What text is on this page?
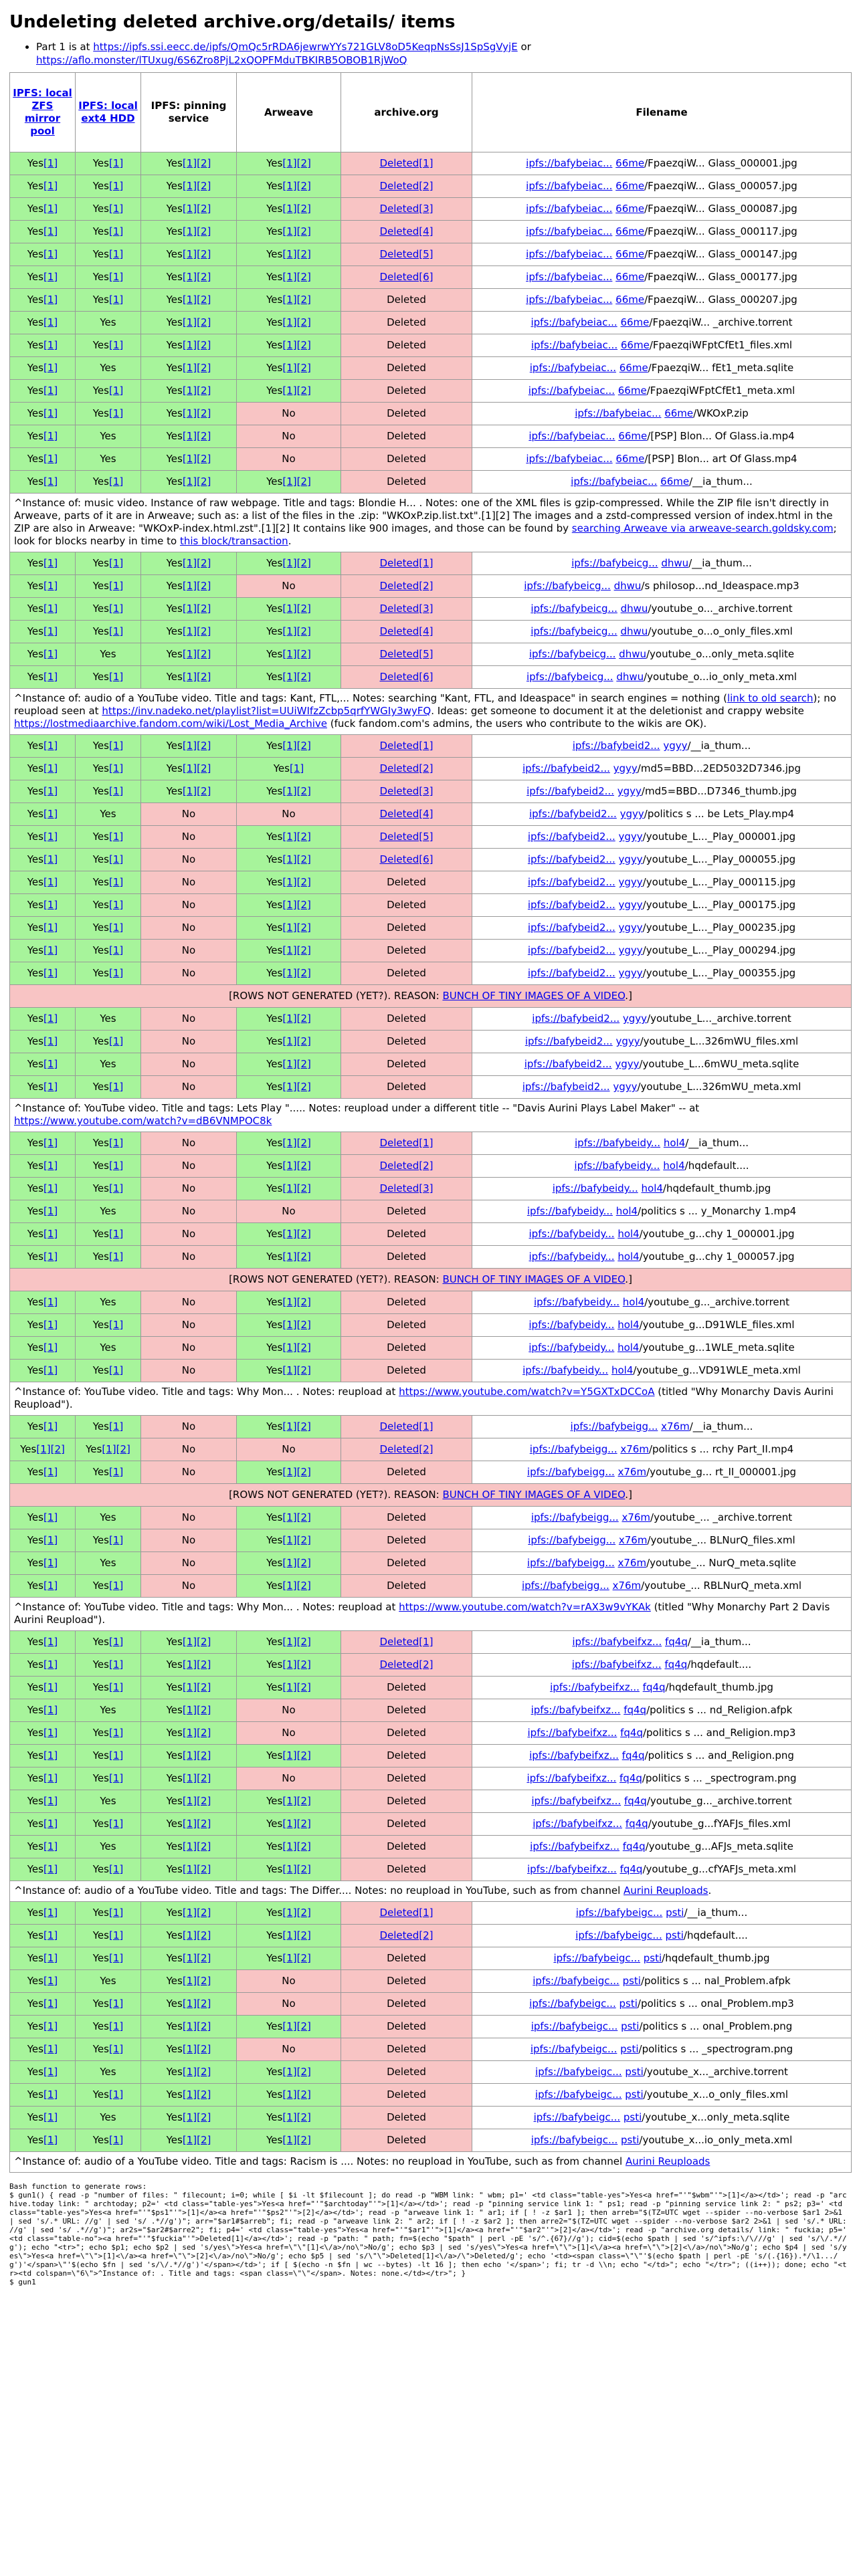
Undeleting deleted archive.org/details/ items
• Part 1 is at https://ipfs.ssi.eecc.de/ipfs/QmQc5rRDA6jewrwYYs721GLV8oD5KeqpNsSsJ1SpSgVyjE or
https://aflo.monster/lTUxug/6S6Zro8PjL2xQOPFMduTBKIRB5OBOB1RjWoQ
IPFS: local ZFS mirror pool	IPFS: local ext4 HDD	IPFS: pinning service	Arweave	archive.org	Filename
Yes[1]	Yes[1]	Yes[1][2]	Yes[1][2]	Deleted[1]	ipfs://bafybeiac... 66me/FpaezqiW... Glass_000001.jpg
Yes[1]	Yes[1]	Yes[1][2]	Yes[1][2]	Deleted[2]	ipfs://bafybeiac... 66me/FpaezqiW... Glass_000057.jpg
Yes[1]	Yes[1]	Yes[1][2]	Yes[1][2]	Deleted[3]	ipfs://bafybeiac... 66me/FpaezqiW... Glass_000087.jpg
Yes[1]	Yes[1]	Yes[1][2]	Yes[1][2]	Deleted[4]	ipfs://bafybeiac... 66me/FpaezqiW... Glass_000117.jpg
Yes[1]	Yes[1]	Yes[1][2]	Yes[1][2]	Deleted[5]	ipfs://bafybeiac... 66me/FpaezqiW... Glass_000147.jpg
Yes[1]	Yes[1]	Yes[1][2]	Yes[1][2]	Deleted[6]	ipfs://bafybeiac... 66me/FpaezqiW... Glass_000177.jpg
Yes[1]	Yes[1]	Yes[1][2]	Yes[1][2]	Deleted	ipfs://bafybeiac... 66me/FpaezqiW... Glass_000207.jpg
Yes[1]	Yes	Yes[1][2]	Yes[1][2]	Deleted	ipfs://bafybeiac... 66me/FpaezqiW... _archive.torrent
Yes[1]	Yes[1]	Yes[1][2]	Yes[1][2]	Deleted	ipfs://bafybeiac... 66me/FpaezqiWFptCfEt1_files.xml
Yes[1]	Yes	Yes[1][2]	Yes[1][2]	Deleted	ipfs://bafybeiac... 66me/FpaezqiW... fEt1_meta.sqlite
Yes[1]	Yes[1]	Yes[1][2]	Yes[1][2]	Deleted	ipfs://bafybeiac... 66me/FpaezqiWFptCfEt1_meta.xml
Yes[1]	Yes[1]	Yes[1][2]	No	Deleted	ipfs://bafybeiac... 66me/WKOxP.zip
Yes[1]	Yes	Yes[1][2]	No	Deleted	ipfs://bafybeiac... 66me/[PSP] Blon... Of Glass.ia.mp4
Yes[1]	Yes	Yes[1][2]	No	Deleted	ipfs://bafybeiac... 66me/[PSP] Blon... art Of Glass.mp4
Yes[1]	Yes[1]	Yes[1][2]	Yes[1][2]	Deleted	ipfs://bafybeiac... 66me/__ia_thum...
^Instance of: music video. Instance of raw webpage. Title and tags: Blondie H... . Notes: one of the XML files is gzip-compressed. While the ZIP file isn't directly in Arweave, parts of it are in Arweave; such as: a list of the files in the .zip: "WKOxP.zip.list.txt".[1][2] The images and a zstd-compressed version of index.html in the ZIP are also in Arweave: "WKOxP-index.html.zst".[1][2] It contains like 900 images, and those can be found by searching Arweave via arweave-search.goldsky.com; look for blocks nearby in time to this block/transaction.					
Yes[1]	Yes[1]	Yes[1][2]	Yes[1][2]	Deleted[1]	ipfs://bafybeicg... dhwu/__ia_thum...
Yes[1]	Yes[1]	Yes[1][2]	No	Deleted[2]	ipfs://bafybeicg... dhwu/s philosop...nd_Ideaspace.mp3
Yes[1]	Yes[1]	Yes[1][2]	Yes[1][2]	Deleted[3]	ipfs://bafybeicg... dhwu/youtube_o..._archive.torrent
Yes[1]	Yes[1]	Yes[1][2]	Yes[1][2]	Deleted[4]	ipfs://bafybeicg... dhwu/youtube_o...o_only_files.xml
Yes[1]	Yes	Yes[1][2]	Yes[1][2]	Deleted[5]	ipfs://bafybeicg... dhwu/youtube_o...only_meta.sqlite
Yes[1]	Yes[1]	Yes[1][2]	Yes[1][2]	Deleted[6]	ipfs://bafybeicg... dhwu/youtube_o...io_only_meta.xml
^Instance of: audio of a YouTube video. Title and tags: Kant, FTL,... Notes: searching "Kant, FTL, and Ideaspace" in search engines = nothing (link to old search); no reupload seen at https://inv.nadeko.net/playlist?list=UUiWIfzZcbp5qrfYWGIy3wyFQ. Ideas: get someone to document it at the deletionist and crappy website https://lostmediaarchive.fandom.com/wiki/Lost_Media_Archive (fuck fandom.com's admins, the users who contribute to the wikis are OK).					
Yes[1]	Yes[1]	Yes[1][2]	Yes[1][2]	Deleted[1]	ipfs://bafybeid2... ygyy/__ia_thum...
Yes[1]	Yes[1]	Yes[1][2]	Yes[1]	Deleted[2]	ipfs://bafybeid2... ygyy/md5=BBD...2ED5032D7346.jpg
Yes[1]	Yes[1]	Yes[1][2]	Yes[1][2]	Deleted[3]	ipfs://bafybeid2... ygyy/md5=BBD...D7346_thumb.jpg
Yes[1]	Yes	No	No	Deleted[4]	ipfs://bafybeid2... ygyy/politics s ... be Lets_Play.mp4
Yes[1]	Yes[1]	No	Yes[1][2]	Deleted[5]	ipfs://bafybeid2... ygyy/youtube_L..._Play_000001.jpg
Yes[1]	Yes[1]	No	Yes[1][2]	Deleted[6]	ipfs://bafybeid2... ygyy/youtube_L..._Play_000055.jpg
Yes[1]	Yes[1]	No	Yes[1][2]	Deleted	ipfs://bafybeid2... ygyy/youtube_L..._Play_000115.jpg
Yes[1]	Yes[1]	No	Yes[1][2]	Deleted	ipfs://bafybeid2... ygyy/youtube_L..._Play_000175.jpg
Yes[1]	Yes[1]	No	Yes[1][2]	Deleted	ipfs://bafybeid2... ygyy/youtube_L..._Play_000235.jpg
Yes[1]	Yes[1]	No	Yes[1][2]	Deleted	ipfs://bafybeid2... ygyy/youtube_L..._Play_000294.jpg
Yes[1]	Yes[1]	No	Yes[1][2]	Deleted	ipfs://bafybeid2... ygyy/youtube_L..._Play_000355.jpg
[ROWS NOT GENERATED (YET?). REASON: BUNCH OF TINY IMAGES OF A VIDEO.]					
Yes[1]	Yes	No	Yes[1][2]	Deleted	ipfs://bafybeid2... ygyy/youtube_L..._archive.torrent
Yes[1]	Yes[1]	No	Yes[1][2]	Deleted	ipfs://bafybeid2... ygyy/youtube_L...326mWU_files.xml
Yes[1]	Yes	No	Yes[1][2]	Deleted	ipfs://bafybeid2... ygyy/youtube_L...6mWU_meta.sqlite
Yes[1]	Yes[1]	No	Yes[1][2]	Deleted	ipfs://bafybeid2... ygyy/youtube_L...326mWU_meta.xml
^Instance of: YouTube video. Title and tags: Lets Play "..... Notes: reupload under a different title -- "Davis Aurini Plays Label Maker" -- at https://www.youtube.com/watch?v=dB6VNMPOC8k					
Yes[1]	Yes[1]	No	Yes[1][2]	Deleted[1]	ipfs://bafybeidy... hol4/__ia_thum...
Yes[1]	Yes[1]	No	Yes[1][2]	Deleted[2]	ipfs://bafybeidy... hol4/hqdefault....
Yes[1]	Yes[1]	No	Yes[1][2]	Deleted[3]	ipfs://bafybeidy... hol4/hqdefault_thumb.jpg
Yes[1]	Yes	No	No	Deleted	ipfs://bafybeidy... hol4/politics s ... y_Monarchy 1.mp4
Yes[1]	Yes[1]	No	Yes[1][2]	Deleted	ipfs://bafybeidy... hol4/youtube_g...chy 1_000001.jpg
Yes[1]	Yes[1]	No	Yes[1][2]	Deleted	ipfs://bafybeidy... hol4/youtube_g...chy 1_000057.jpg
[ROWS NOT GENERATED (YET?). REASON: BUNCH OF TINY IMAGES OF A VIDEO.]					
Yes[1]	Yes	No	Yes[1][2]	Deleted	ipfs://bafybeidy... hol4/youtube_g..._archive.torrent
Yes[1]	Yes[1]	No	Yes[1][2]	Deleted	ipfs://bafybeidy... hol4/youtube_g...D91WLE_files.xml
Yes[1]	Yes	No	Yes[1][2]	Deleted	ipfs://bafybeidy... hol4/youtube_g...1WLE_meta.sqlite
Yes[1]	Yes[1]	No	Yes[1][2]	Deleted	ipfs://bafybeidy... hol4/youtube_g...VD91WLE_meta.xml
^Instance of: YouTube video. Title and tags: Why Mon... . Notes: reupload at https://www.youtube.com/watch?v=Y5GXTxDCCoA (titled "Why Monarchy Davis Aurini Reupload").					
Yes[1]	Yes[1]	No	Yes[1][2]	Deleted[1]	ipfs://bafybeigg... x76m/__ia_thum...
Yes[1][2]	Yes[1][2]	No	No	Deleted[2]	ipfs://bafybeigg... x76m/politics s ... rchy Part_II.mp4
Yes[1]	Yes[1]	No	Yes[1][2]	Deleted	ipfs://bafybeigg... x76m/youtube_g... rt_II_000001.jpg
[ROWS NOT GENERATED (YET?). REASON: BUNCH OF TINY IMAGES OF A VIDEO.]					
Yes[1]	Yes	No	Yes[1][2]	Deleted	ipfs://bafybeigg... x76m/youtube_... _archive.torrent
Yes[1]	Yes[1]	No	Yes[1][2]	Deleted	ipfs://bafybeigg... x76m/youtube_... BLNurQ_files.xml
Yes[1]	Yes	No	Yes[1][2]	Deleted	ipfs://bafybeigg... x76m/youtube_... NurQ_meta.sqlite
Yes[1]	Yes[1]	No	Yes[1][2]	Deleted	ipfs://bafybeigg... x76m/youtube_... RBLNurQ_meta.xml
^Instance of: YouTube video. Title and tags: Why Mon... . Notes: reupload at https://www.youtube.com/watch?v=rAX3w9vYKAk (titled "Why Monarchy Part 2 Davis Aurini Reupload").					
Yes[1]	Yes[1]	Yes[1][2]	Yes[1][2]	Deleted[1]	ipfs://bafybeifxz... fq4q/__ia_thum...
Yes[1]	Yes[1]	Yes[1][2]	Yes[1][2]	Deleted[2]	ipfs://bafybeifxz... fq4q/hqdefault....
Yes[1]	Yes[1]	Yes[1][2]	Yes[1][2]	Deleted	ipfs://bafybeifxz... fq4q/hqdefault_thumb.jpg
Yes[1]	Yes	Yes[1][2]	No	Deleted	ipfs://bafybeifxz... fq4q/politics s ... nd_Religion.afpk
Yes[1]	Yes[1]	Yes[1][2]	No	Deleted	ipfs://bafybeifxz... fq4q/politics s ... and_Religion.mp3
Yes[1]	Yes[1]	Yes[1][2]	Yes[1][2]	Deleted	ipfs://bafybeifxz... fq4q/politics s ... and_Religion.png
Yes[1]	Yes[1]	Yes[1][2]	No	Deleted	ipfs://bafybeifxz... fq4q/politics s ... _spectrogram.png
Yes[1]	Yes	Yes[1][2]	Yes[1][2]	Deleted	ipfs://bafybeifxz... fq4q/youtube_g..._archive.torrent
Yes[1]	Yes[1]	Yes[1][2]	Yes[1][2]	Deleted	ipfs://bafybeifxz... fq4q/youtube_g...fYAFJs_files.xml
Yes[1]	Yes	Yes[1][2]	Yes[1][2]	Deleted	ipfs://bafybeifxz... fq4q/youtube_g...AFJs_meta.sqlite
Yes[1]	Yes[1]	Yes[1][2]	Yes[1][2]	Deleted	ipfs://bafybeifxz... fq4q/youtube_g...cfYAFJs_meta.xml
^Instance of: audio of a YouTube video. Title and tags: The Differ.... Notes: no reupload in YouTube, such as from channel Aurini Reuploads.					
Yes[1]	Yes[1]	Yes[1][2]	Yes[1][2]	Deleted[1]	ipfs://bafybeigc... psti/__ia_thum...
Yes[1]	Yes[1]	Yes[1][2]	Yes[1][2]	Deleted[2]	ipfs://bafybeigc... psti/hqdefault....
Yes[1]	Yes[1]	Yes[1][2]	Yes[1][2]	Deleted	ipfs://bafybeigc... psti/hqdefault_thumb.jpg
Yes[1]	Yes	Yes[1][2]	No	Deleted	ipfs://bafybeigc... psti/politics s ... nal_Problem.afpk
Yes[1]	Yes[1]	Yes[1][2]	No	Deleted	ipfs://bafybeigc... psti/politics s ... onal_Problem.mp3
Yes[1]	Yes[1]	Yes[1][2]	Yes[1][2]	Deleted	ipfs://bafybeigc... psti/politics s ... onal_Problem.png
Yes[1]	Yes[1]	Yes[1][2]	No	Deleted	ipfs://bafybeigc... psti/politics s ... _spectrogram.png
Yes[1]	Yes	Yes[1][2]	Yes[1][2]	Deleted	ipfs://bafybeigc... psti/youtube_x..._archive.torrent
Yes[1]	Yes[1]	Yes[1][2]	Yes[1][2]	Deleted	ipfs://bafybeigc... psti/youtube_x...o_only_files.xml
Yes[1]	Yes	Yes[1][2]	Yes[1][2]	Deleted	ipfs://bafybeigc... psti/youtube_x...only_meta.sqlite
Yes[1]	Yes[1]	Yes[1][2]	Yes[1][2]	Deleted	ipfs://bafybeigc... psti/youtube_x...io_only_meta.xml
^Instance of: audio of a YouTube video. Title and tags: Racism is .... Notes: no reupload in YouTube, such as from channel Aurini Reuploads					
Bash function to generate rows:
$ gun1() { read -p "number of files: " filecount; i=0; while [ $i -lt $filecount ]; do read -p "WBM link: " wbm; p1=' <td class="table-yes">Yes<a href="'"$wbm"'">[1]</a></td>'; read -p "archive.today link: " archtoday; p2=' <td class="table-yes">Yes<a href="'"$archtoday"'">[1]</a></td>'; read -p "pinning service link 1: " ps1; read -p "pinning service link 2: " ps2; p3=' <td class="table-yes">Yes<a href="'"$ps1"'">[1]</a><a href="'"$ps2"'">[2]</a></td>'; read -p "arweave link 1: " ar1; if [ ! -z $ar1 ]; then arreb="$(TZ=UTC wget --spider --no-verbose $ar1 2>&1 | sed 's/.* URL: //g' | sed 's/ .*//g')"; arr="$ar1#$arreb"; fi; read -p "arweave link 2: " ar2; if [ ! -z $ar2 ]; then arre2="$(TZ=UTC wget --spider --no-verbose $ar2 2>&1 | sed 's/.* URL: //g' | sed 's/ .*//g')"; ar2s="$ar2#$arre2"; fi; p4=' <td class="table-yes">Yes<a href="'"$ar1"'">[1]</a><a href="'"$ar2"'">[2]</a></td>'; read -p "archive.org details/ link: " fuckia; p5=' <td class="table-no"><a href="'"$fuckia"'">Deleted[1]</a></td>'; read -p "path: " path; fn=$(echo "$path" | perl -pE 's/^.{67}//g'); cid=$(echo $path | sed 's/^ipfs:\/\///g' | sed 's/\/.*//g'); echo "<tr>"; echo $p1; echo $p2 | sed 's/yes\">Yes<a href=\"\"[1]<\/a>/no\">No/g'; echo $p3 | sed 's/yes\">Yes<a href=\"\">[1]<\/a><a href=\"\">[2]<\/a>/no\">No/g'; echo $p4 | sed 's/yes\">Yes<a href=\"\">[1]<\/a><a href=\"\">[2]<\/a>/no\">No/g'; echo $p5 | sed 's/\"\">Deleted[1]<\/a>/\">Deleted/g'; echo '<td><span class=\"\"'$(echo $path | perl -pE 's/(.{16}).*/\1.../g')'</span>\"'$(echo $fn | sed 's/\/.*//g')'</span></td>'; if [ $(echo -n $fn | wc --bytes) -lt 16 ]; then echo '</span>'; fi; tr -d \\n; echo "</td>"; echo "</tr>"; ((i++)); done; echo "<tr><td colspan=\"6\">^Instance of: . Title and tags: <span class=\"\"</span>. Notes: none.</td></tr>"; }
$ gun1
